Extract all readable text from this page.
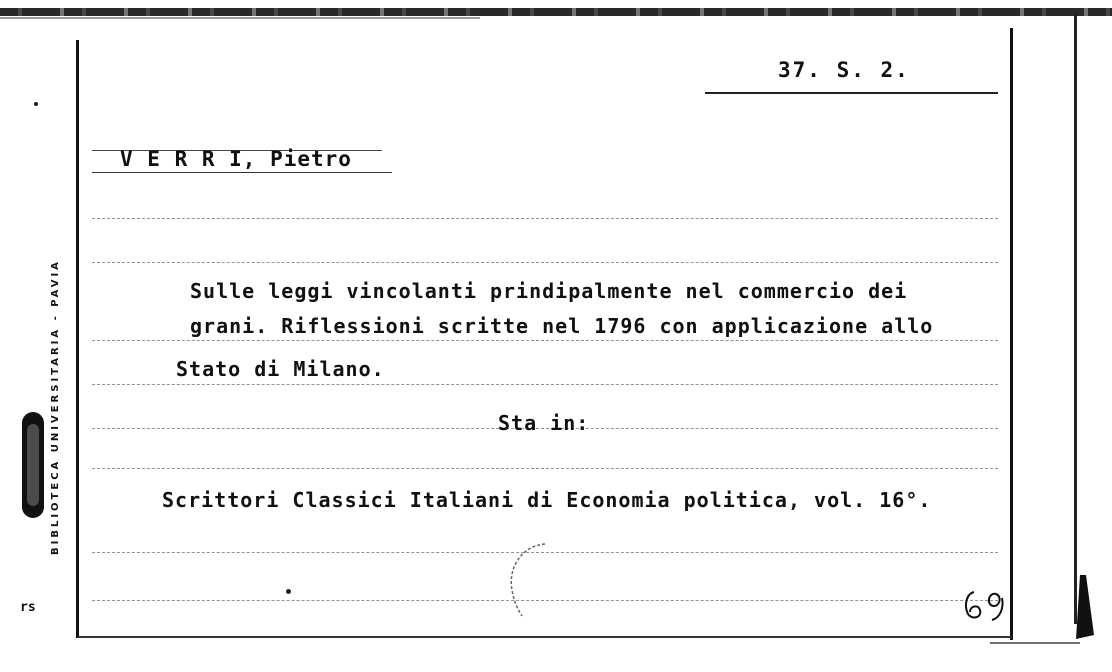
37. S. 2.
V E R R I, Pietro
Sulle leggi vincolanti prindipalmente nel commercio dei
grani. Riflessioni scritte nel 1796 con applicazione allo
Stato di Milano.
Sta in:
Scrittori Classici Italiani di Economia politica, vol. 16°.
BIBLIOTECA UNIVERSITARIA - PAVIA
rs
